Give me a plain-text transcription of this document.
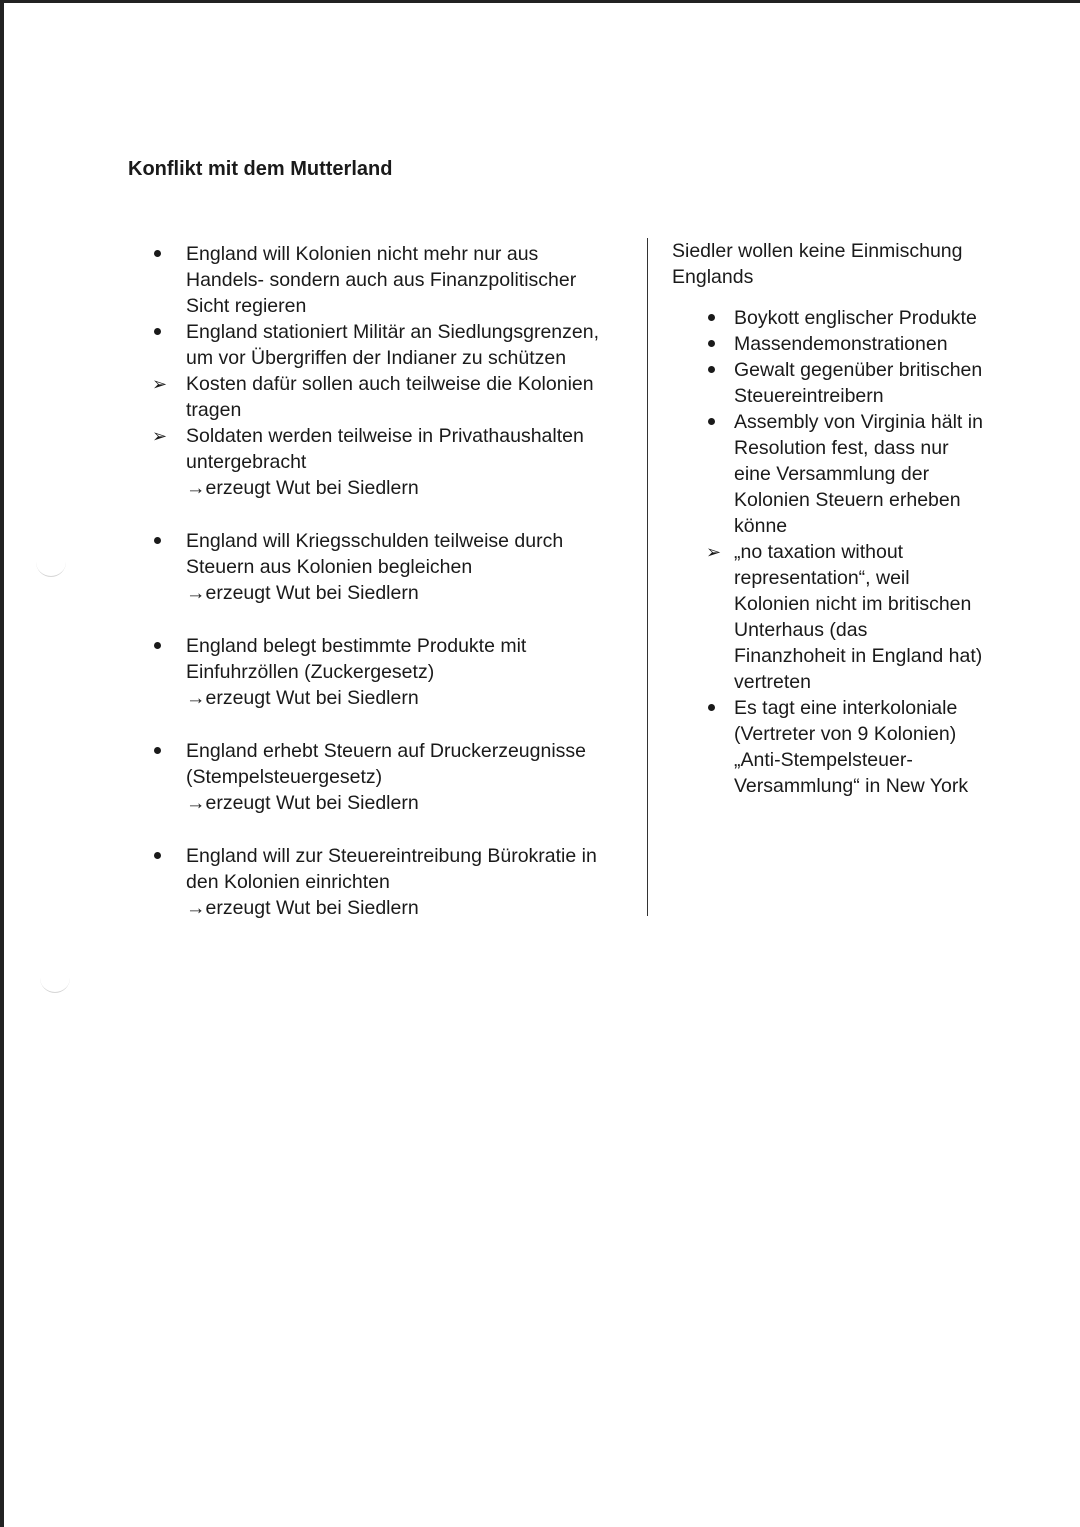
Konflikt mit dem Mutterland
England will Kolonien nicht mehr nur aus
Handels- sondern auch aus Finanzpolitischer
Sicht regieren
England stationiert Militär an Siedlungsgrenzen,
um vor Übergriffen der Indianer zu schützen
➢ Kosten dafür sollen auch teilweise die Kolonien
tragen
➢ Soldaten werden teilweise in Privathaushalten
untergebracht
→erzeugt Wut bei Siedlern
England will Kriegsschulden teilweise durch
Steuern aus Kolonien begleichen
→erzeugt Wut bei Siedlern
England belegt bestimmte Produkte mit
Einfuhrzöllen (Zuckergesetz)
→erzeugt Wut bei Siedlern
England erhebt Steuern auf Druckerzeugnisse
(Stempelsteuergesetz)
→erzeugt Wut bei Siedlern
England will zur Steuereintreibung Bürokratie in
den Kolonien einrichten
→erzeugt Wut bei Siedlern
Siedler wollen keine Einmischung
Englands
Boykott englischer Produkte
Massendemonstrationen
Gewalt gegenüber britischen
Steuereintreibern
Assembly von Virginia hält in
Resolution fest, dass nur
eine Versammlung der
Kolonien Steuern erheben
könne
➢ „no taxation without
representation“, weil
Kolonien nicht im britischen
Unterhaus (das
Finanzhoheit in England hat)
vertreten
Es tagt eine interkoloniale
(Vertreter von 9 Kolonien)
„Anti-Stempelsteuer-
Versammlung“ in New York
